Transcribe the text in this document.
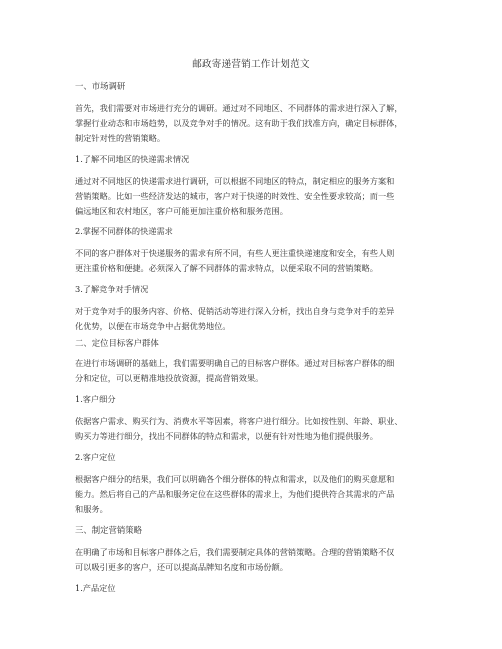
邮政寄递营销工作计划范文
一、市场调研
首先，我们需要对市场进行充分的调研。通过对不同地区、不同群体的需求进行深入了解，
掌握行业动态和市场趋势，以及竞争对手的情况。这有助于我们找准方向，确定目标群体，
制定针对性的营销策略。
1.了解不同地区的快递需求情况
通过对不同地区的快递需求进行调研，可以根据不同地区的特点，制定相应的服务方案和
营销策略。比如一些经济发达的城市，客户对于快递的时效性、安全性要求较高；而一些
偏远地区和农村地区，客户可能更加注重价格和服务范围。
2.掌握不同群体的快递需求
不同的客户群体对于快递服务的需求有所不同，有些人更注重快递速度和安全，有些人则
更注重价格和便捷。必须深入了解不同群体的需求特点，以便采取不同的营销策略。
3.了解竞争对手情况
对于竞争对手的服务内容、价格、促销活动等进行深入分析，找出自身与竞争对手的差异
化优势，以便在市场竞争中占据优势地位。
二、定位目标客户群体
在进行市场调研的基础上，我们需要明确自己的目标客户群体。通过对目标客户群体的细
分和定位，可以更精准地投放资源，提高营销效果。
1.客户细分
依据客户需求、购买行为、消费水平等因素，将客户进行细分。比如按性别、年龄、职业、
购买力等进行细分，找出不同群体的特点和需求，以便有针对性地为他们提供服务。
2.客户定位
根据客户细分的结果，我们可以明确各个细分群体的特点和需求，以及他们的购买意愿和
能力。然后将自己的产品和服务定位在这些群体的需求上，为他们提供符合其需求的产品
和服务。
三、制定营销策略
在明确了市场和目标客户群体之后，我们需要制定具体的营销策略。合理的营销策略不仅
可以吸引更多的客户，还可以提高品牌知名度和市场份额。
1.产品定位
